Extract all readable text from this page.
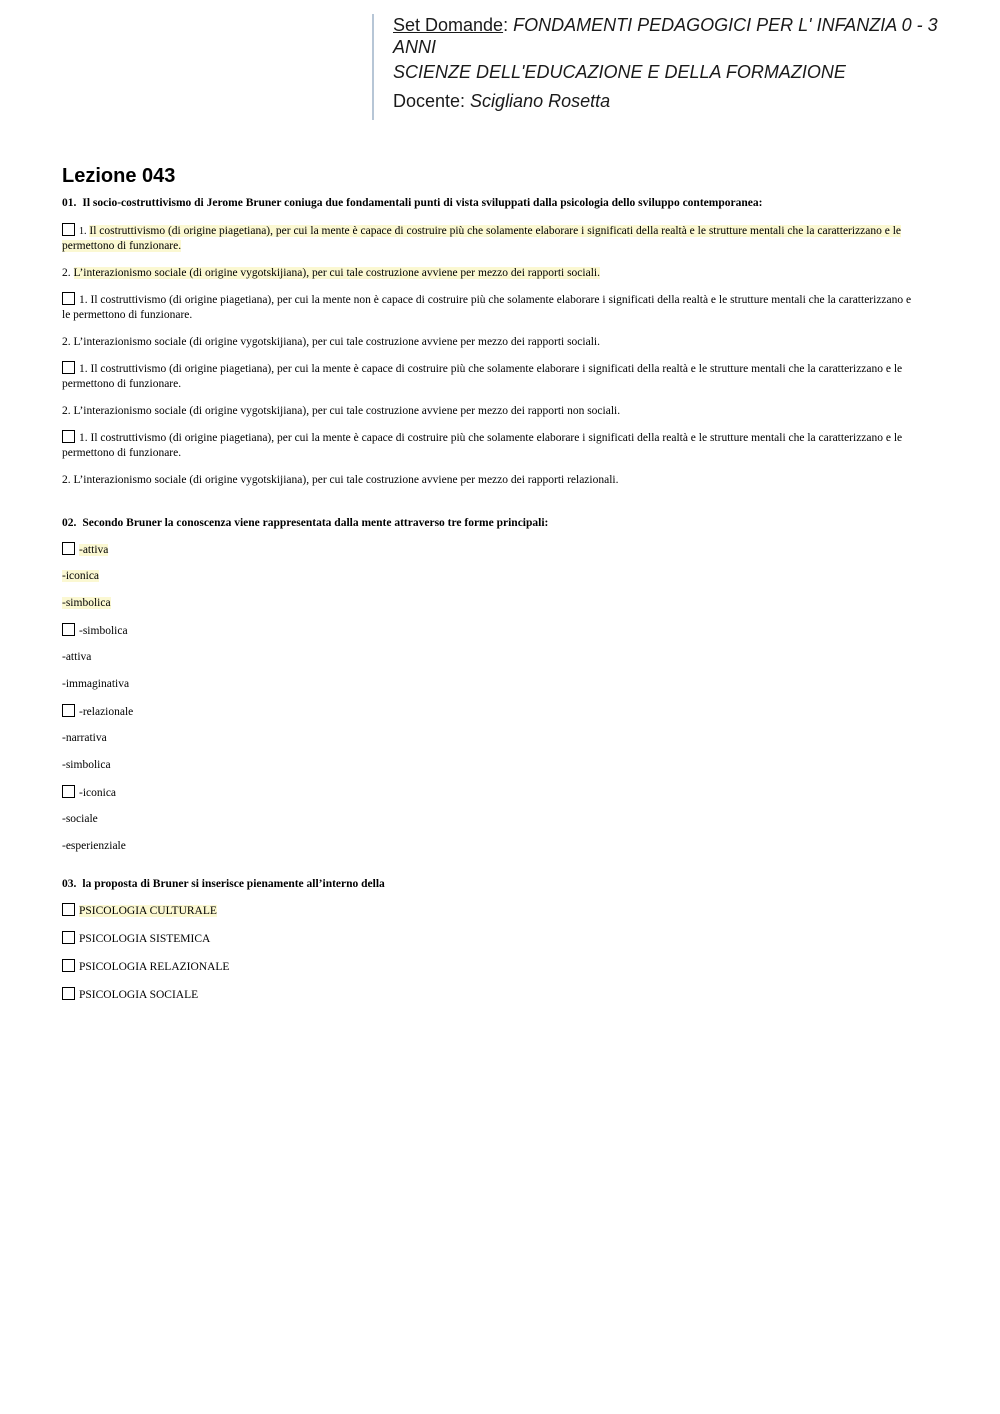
Set Domande: FONDAMENTI PEDAGOGICI PER L' INFANZIA 0 - 3 ANNI

SCIENZE DELL'EDUCAZIONE E DELLA FORMAZIONE

Docente: Scigliano Rosetta

Lezione 043

01. Il socio-costruttivismo di Jerome Bruner coniuga due fondamentali punti di vista sviluppati dalla psicologia dello sviluppo contemporanea:

1. Il costruttivismo (di origine piagetiana), per cui la mente è capace di costruire più che solamente elaborare i significati della realtà e le strutture mentali che la caratterizzano e le permettono di funzionare.

2. L’interazionismo sociale (di origine vygotskijiana), per cui tale costruzione avviene per mezzo dei rapporti sociali.

1. Il costruttivismo (di origine piagetiana), per cui la mente non è capace di costruire più che solamente elaborare i significati della realtà e le strutture mentali che la caratterizzano e le permettono di funzionare.

2. L’interazionismo sociale (di origine vygotskijiana), per cui tale costruzione avviene per mezzo dei rapporti sociali.

1. Il costruttivismo (di origine piagetiana), per cui la mente è capace di costruire più che solamente elaborare i significati della realtà e le strutture mentali che la caratterizzano e le permettono di funzionare.

2. L’interazionismo sociale (di origine vygotskijiana), per cui tale costruzione avviene per mezzo dei rapporti non sociali.

1. Il costruttivismo (di origine piagetiana), per cui la mente è capace di costruire più che solamente elaborare i significati della realtà e le strutture mentali che la caratterizzano e le permettono di funzionare.

2. L’interazionismo sociale (di origine vygotskijiana), per cui tale costruzione avviene per mezzo dei rapporti relazionali.

02. Secondo Bruner la conoscenza viene rappresentata dalla mente attraverso tre forme principali:

-attiva

-iconica

-simbolica

-simbolica

-attiva

-immaginativa

-relazionale

-narrativa

-simbolica

-iconica

-sociale

-esperienziale

03. la proposta di Bruner si inserisce pienamente all’interno della

PSICOLOGIA CULTURALE

PSICOLOGIA SISTEMICA

PSICOLOGIA RELAZIONALE

PSICOLOGIA SOCIALE
